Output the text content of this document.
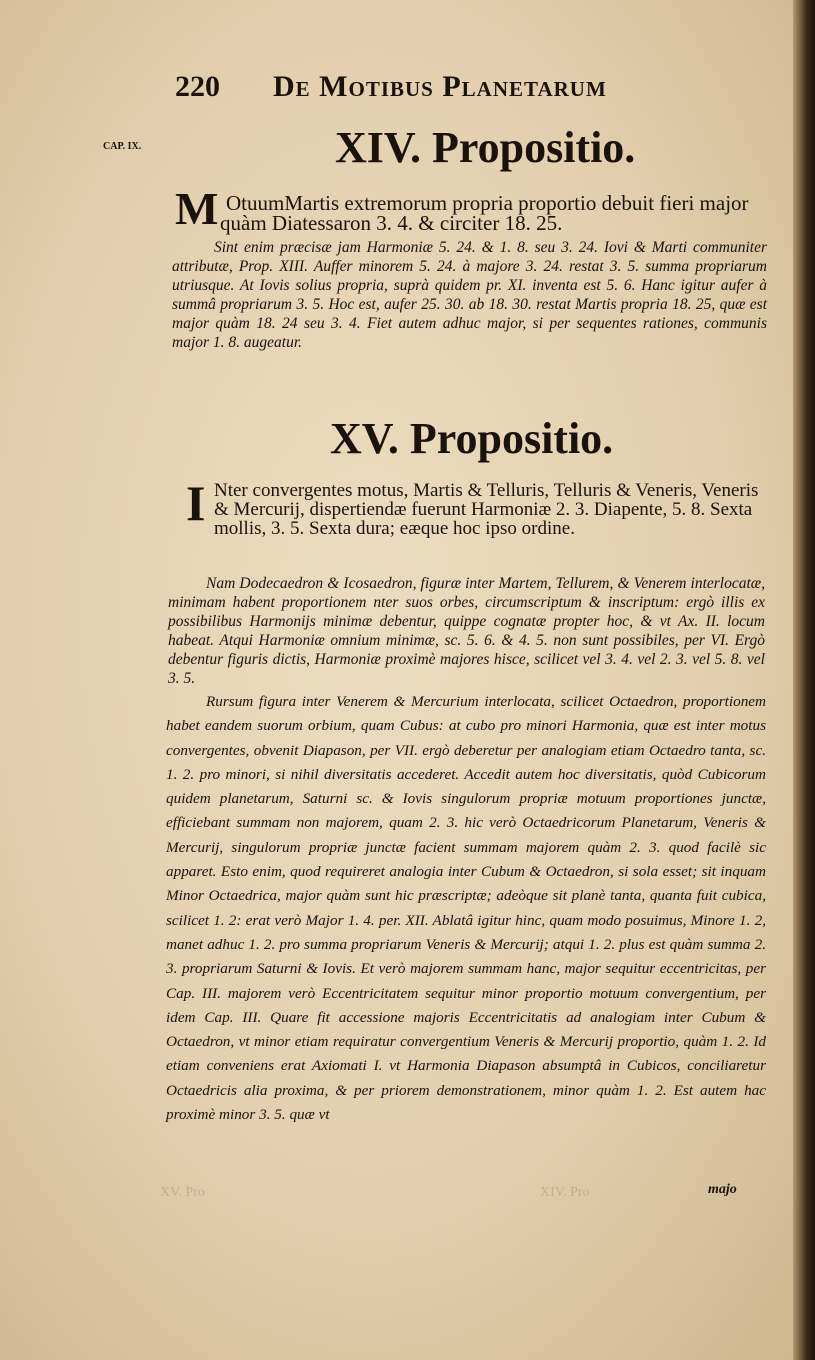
220 De Motibus Planetarum
CAP. IX.	XIV. Propositio.
M OtuumMartis extremorum propria proportio debuit fieri major quàm Diatessaron 3. 4. & circiter 18. 25.

Sint enim præcisæ jam Harmoniæ 5. 24. & 1. 8. seu 3. 24. Iovi & Marti communiter attributæ, Prop. XIII. Auffer minorem 5. 24. à majore 3. 24. restat 3. 5. summa propriarum utriusque. At Iovis solius propria, suprà quidem pr. XI. inventa est 5. 6. Hanc igitur aufer à summâ propriarum 3. 5. Hoc est, aufer 25. 30. ab 18. 30. restat Martis propria 18. 25, quæ est major quàm 18. 24 seu 3. 4. Fiet autem adhuc major, si per sequentes rationes, communis major 1. 8. augeatur.

XV. Propositio.
I Nter convergentes motus, Martis & Telluris, Telluris & Veneris, Veneris & Mercurij, dispertiendæ fuerunt Harmoniæ 2. 3. Diapente, 5. 8. Sexta mollis, 3. 5. Sexta dura; eæque hoc ipso ordine.

Nam Dodecaedron & Icosaedron, figuræ inter Martem, Tellurem, & Venerem interlocatæ, minimam habent proportionem nter suos orbes, circumscriptum & inscriptum: ergò illis ex possibilibus Harmonijs minimæ debentur, quippe cognatæ propter hoc, & vt Ax. II. locum habeat. Atqui Harmoniæ omnium minimæ, sc. 5. 6. & 4. 5. non sunt possibiles, per VI. Ergò debentur figuris dictis, Harmoniæ proximè majores hisce, scilicet vel 3. 4. vel 2. 3. vel 5. 8. vel 3. 5.

Rursum figura inter Venerem & Mercurium interlocata, scilicet Octaedron, proportionem habet eandem suorum orbium, quam Cubus: at cubo pro minori Harmonia, quæ est inter motus convergentes, obvenit Diapason, per VII. ergò deberetur per analogiam etiam Octaedro tanta, sc. 1. 2. pro minori, si nihil diversitatis accederet. Accedit autem hoc diversitatis, quòd Cubicorum quidem planetarum, Saturni sc. & Iovis singulorum propriæ motuum proportiones junctæ, efficiebant summam non majorem, quam 2. 3. hic verò Octaedricorum Planetarum, Veneris & Mercurij, singulorum propriæ junctæ facient summam majorem quàm 2. 3. quod facilè sic apparet. Esto enim, quod requireret analogia inter Cubum & Octaedron, si sola esset; sit inquam Minor Octaedrica, major quàm sunt hic præscriptæ; adeòque sit planè tanta, quanta fuit cubica, scilicet 1. 2: erat verò Major 1. 4. per. XII. Ablatâ igitur hinc, quam modo posuimus, Minore 1. 2, manet adhuc 1. 2. pro summa propriarum Veneris & Mercurij; atqui 1. 2. plus est quàm summa 2. 3. propriarum Saturni & Iovis. Et verò majorem summam hanc, major sequitur eccentricitas, per Cap. III. majorem verò Eccentricitatem sequitur minor proportio motuum convergentium, per idem Cap. III. Quare fit accessione majoris Eccentricitatis ad analogiam inter Cubum & Octaedron, vt minor etiam requiratur convergentium Veneris & Mercurij proportio, quàm 1. 2. Id etiam conveniens erat Axiomati I. vt Harmonia Diapason absumptâ in Cubicos, conciliaretur Octaedricis alia proxima, & per priorem demonstrationem, minor quàm 1. 2. Est autem hac proximè minor 3. 5. quæ vt

XV. Pro	XIV. Pro	majo
